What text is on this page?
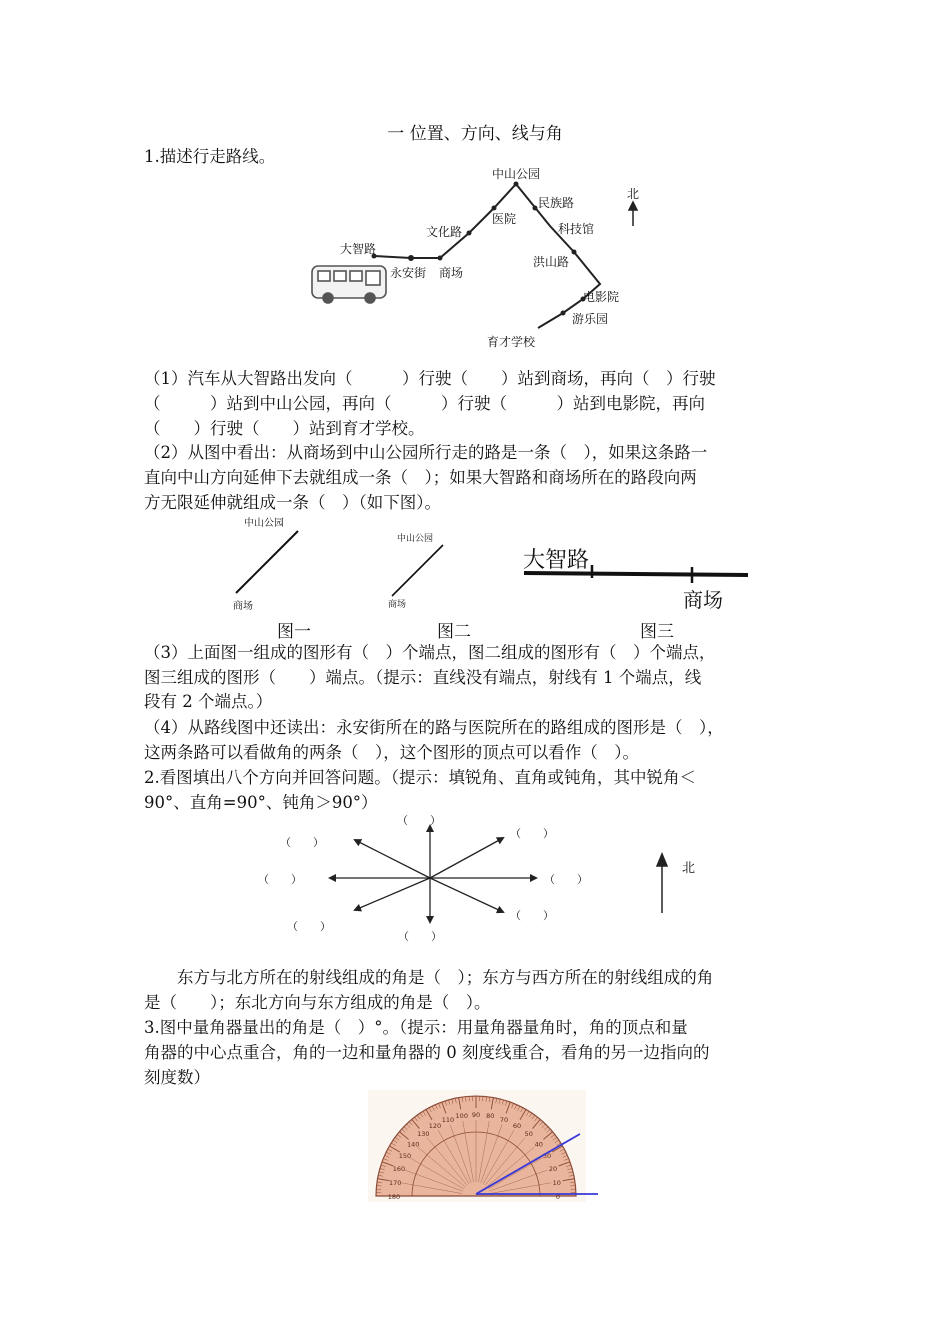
一 位置、方向、线与角
1.描述行走路线。
大智路
永安街 商场
文化路
医院
中山公园
民族路
科技馆
洪山路
电影院
游乐园
育才学校
北
（1）汽车从大智路出发向（　　　）行驶（　　）站到商场，再向（　）行驶
（　　　）站到中山公园，再向（　　　）行驶（　　　）站到电影院，再向
（　　）行驶（　　）站到育才学校。
（2）从图中看出：从商场到中山公园所行走的路是一条（　），如果这条路一
直向中山方向延伸下去就组成一条（　）；如果大智路和商场所在的路段向两
方无限延伸就组成一条（　）（如下图）。
中山公园
商场
中山公园
商场
大智路
商场
图一	图二	图三
（3）上面图一组成的图形有（　）个端点，图二组成的图形有（　）个端点，
图三组成的图形（　　）端点。（提示：直线没有端点，射线有 1 个端点，线
段有 2 个端点。）
（4）从路线图中还读出：永安街所在的路与医院所在的路组成的图形是（　），
这两条路可以看做角的两条（　），这个图形的顶点可以看作（　）。
2.看图填出八个方向并回答问题。（提示：填锐角、直角或钝角，其中锐角＜
90°、直角=90°、钝角＞90°）
（　　）
（　　）
（　　）
（　　）	（　　）
（　　）
（　　）
（　　）
北
　　东方与北方所在的射线组成的角是（　）；东方与西方所在的射线组成的角
是（　　）；东北方向与东方组成的角是（　）。
3.图中量角器量出的角是（　）°。（提示：用量角器量角时，角的顶点和量
角器的中心点重合，角的一边和量角器的 0 刻度线重合，看角的另一边指向的
刻度数）
0
10
20
30
40
50
60
70
80
90
100
110
120
130
140
150
160
170
180
